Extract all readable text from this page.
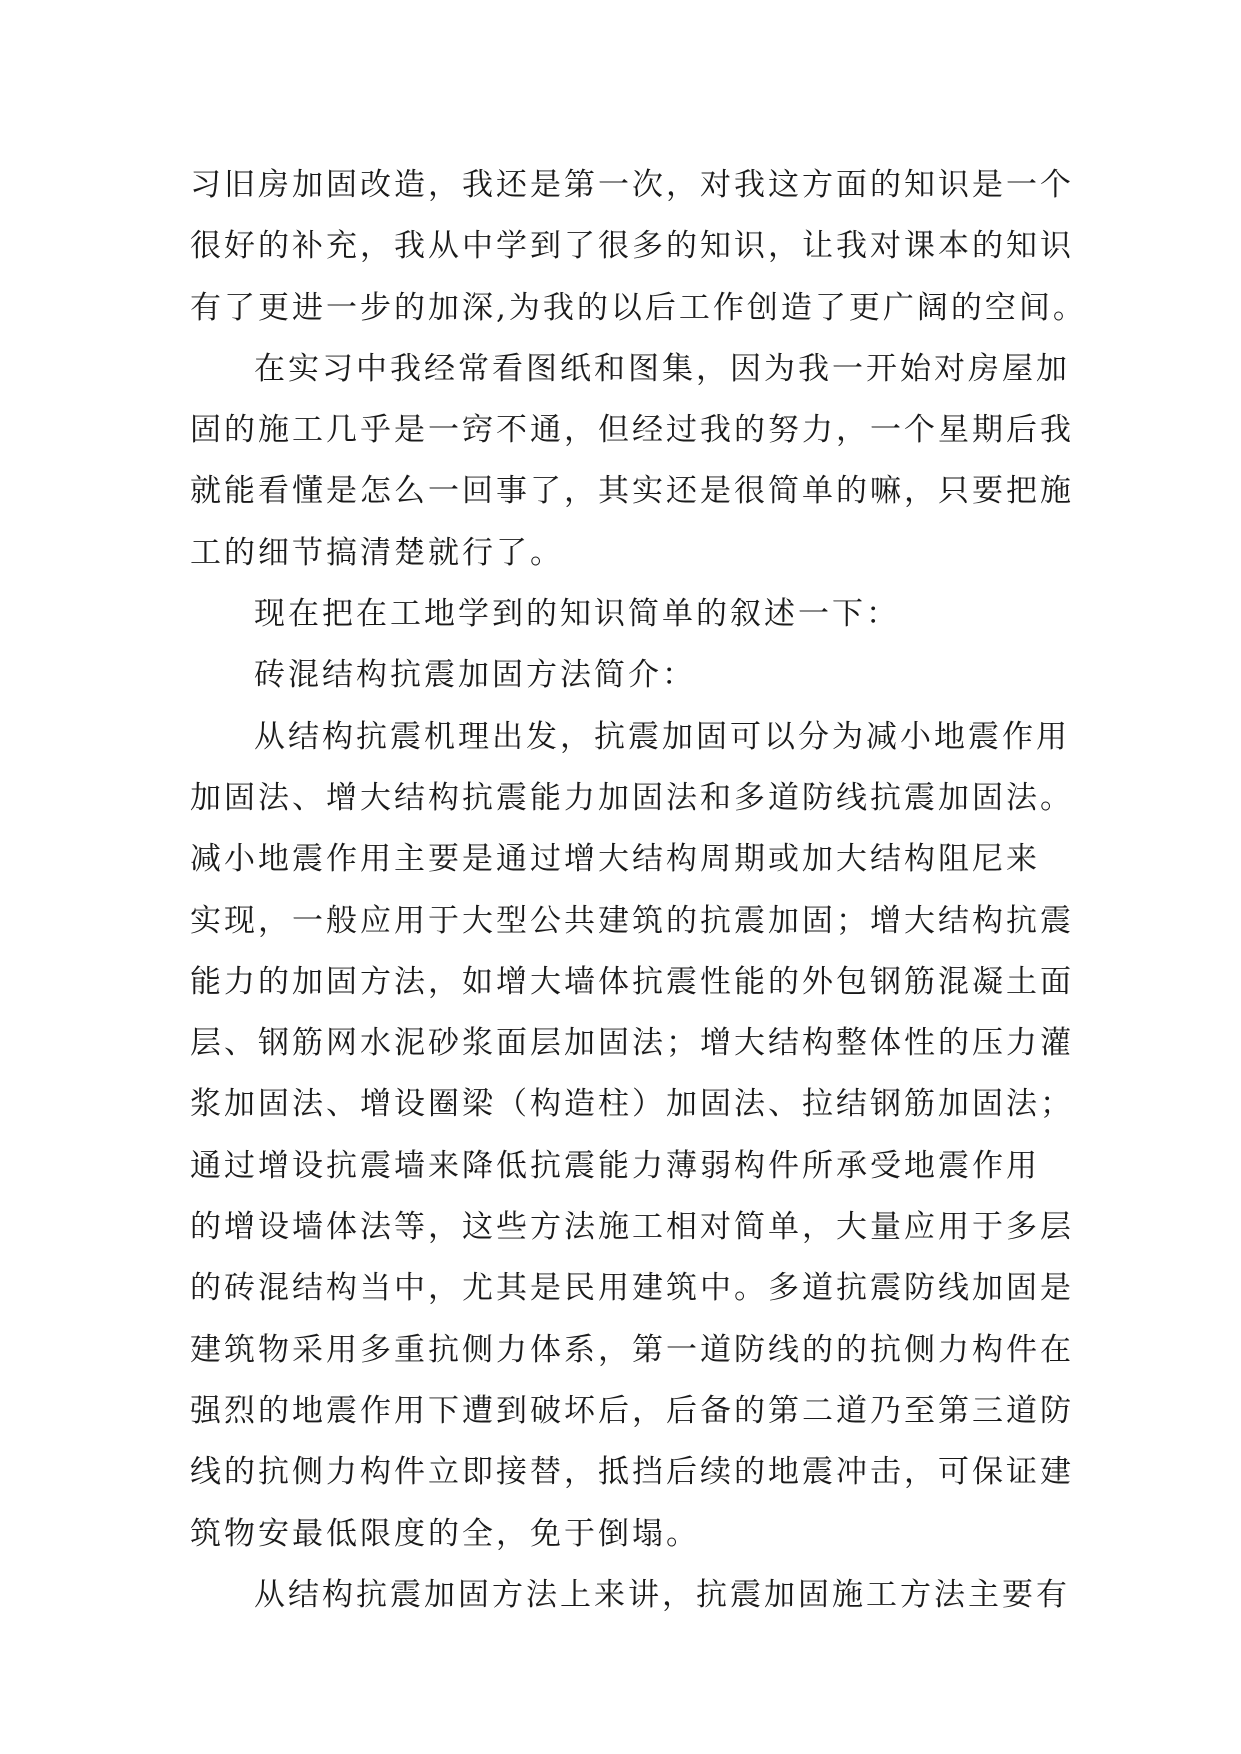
习旧房加固改造，我还是第一次，对我这方面的知识是一个
很好的补充，我从中学到了很多的知识，让我对课本的知识
有了更进一步的加深,为我的以后工作创造了更广阔的空间。
在实习中我经常看图纸和图集，因为我一开始对房屋加
固的施工几乎是一窍不通，但经过我的努力，一个星期后我
就能看懂是怎么一回事了，其实还是很简单的嘛，只要把施
工的细节搞清楚就行了。
现在把在工地学到的知识简单的叙述一下：
砖混结构抗震加固方法简介：
从结构抗震机理出发，抗震加固可以分为减小地震作用
加固法、增大结构抗震能力加固法和多道防线抗震加固法。
减小地震作用主要是通过增大结构周期或加大结构阻尼来
实现，一般应用于大型公共建筑的抗震加固；增大结构抗震
能力的加固方法，如增大墙体抗震性能的外包钢筋混凝土面
层、钢筋网水泥砂浆面层加固法；增大结构整体性的压力灌
浆加固法、增设圈梁（构造柱）加固法、拉结钢筋加固法；
通过增设抗震墙来降低抗震能力薄弱构件所承受地震作用
的增设墙体法等，这些方法施工相对简单，大量应用于多层
的砖混结构当中，尤其是民用建筑中。多道抗震防线加固是
建筑物采用多重抗侧力体系，第一道防线的的抗侧力构件在
强烈的地震作用下遭到破坏后，后备的第二道乃至第三道防
线的抗侧力构件立即接替，抵挡后续的地震冲击，可保证建
筑物安最低限度的全，免于倒塌。
从结构抗震加固方法上来讲，抗震加固施工方法主要有
